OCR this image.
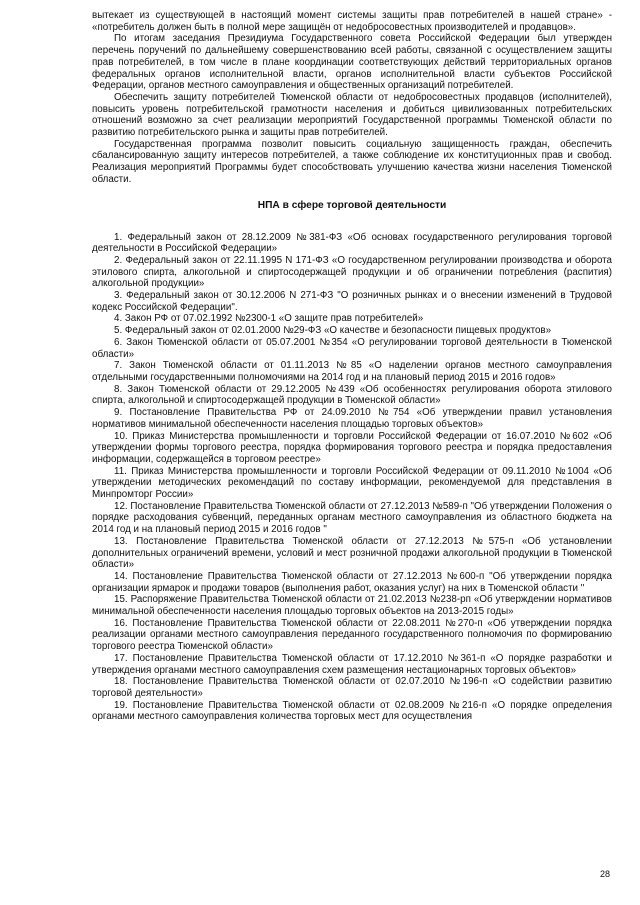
вытекает из существующей в настоящий момент системы защиты прав потребителей в нашей стране» - «потребитель должен быть в полной мере защищён от недобросовестных производителей и продавцов».

По итогам заседания Президиума Государственного совета Российской Федерации был утвержден перечень поручений по дальнейшему совершенствованию всей работы, связанной с осуществлением защиты прав потребителей, в том числе в плане координации соответствующих действий территориальных органов федеральных органов исполнительной власти, органов исполнительной власти субъектов Российской Федерации, органов местного самоуправления и общественных организаций потребителей.

Обеспечить защиту потребителей Тюменской области от недобросовестных продавцов (исполнителей), повысить уровень потребительской грамотности населения и добиться цивилизованных потребительских отношений возможно за счет реализации мероприятий Государственной программы Тюменской области по развитию потребительского рынка и защиты прав потребителей.

Государственная программа позволит повысить социальную защищенность граждан, обеспечить сбалансированную защиту интересов потребителей, а также соблюдение их конституционных прав и свобод. Реализация мероприятий Программы будет способствовать улучшению качества жизни населения Тюменской области.

НПА в сфере торговой деятельности

1. Федеральный закон от 28.12.2009 №381-ФЗ «Об основах государственного регулирования торговой деятельности в Российской Федерации»

2. Федеральный закон от 22.11.1995 N 171-ФЗ «О государственном регулировании производства и оборота этилового спирта, алкогольной и спиртосодержащей продукции и об ограничении потребления (распития) алкогольной продукции»

3. Федеральный закон от 30.12.2006 N 271-ФЗ "О розничных рынках и о внесении изменений в Трудовой кодекс Российской Федерации".

4. Закон РФ от 07.02.1992 №2300-1 «О защите прав потребителей»

5. Федеральный закон от 02.01.2000 №29-ФЗ «О качестве и безопасности пищевых продуктов»

6. Закон Тюменской области от 05.07.2001 №354 «О регулировании торговой деятельности в Тюменской области»

7. Закон Тюменской области от 01.11.2013 №85 «О наделении органов местного самоуправления отдельными государственными полномочиями на 2014 год и на плановый период 2015 и 2016 годов»

8. Закон Тюменской области от 29.12.2005 №439 «Об особенностях регулирования оборота этилового спирта, алкогольной и спиртосодержащей продукции в Тюменской области»

9. Постановление Правительства РФ от 24.09.2010 №754 «Об утверждении правил установления нормативов минимальной обеспеченности населения площадью торговых объектов»

10. Приказ Министерства промышленности и торговли Российской Федерации от 16.07.2010 №602 «Об утверждении формы торгового реестра, порядка формирования торгового реестра и порядка предоставления информации, содержащейся в торговом реестре»

11. Приказ Министерства промышленности и торговли Российской Федерации от 09.11.2010 №1004 «Об утверждении методических рекомендаций по составу информации, рекомендуемой для представления в Минпромторг России»

12. Постановление Правительства Тюменской области от 27.12.2013 №589-п "Об утверждении Положения о порядке расходования субвенций, переданных органам местного самоуправления из областного бюджета на 2014 год и на плановый период 2015 и 2016 годов "

13. Постановление Правительства Тюменской области от 27.12.2013 №575-п «Об установлении дополнительных ограничений времени, условий и мест розничной продажи алкогольной продукции в Тюменской области»

14. Постановление Правительства Тюменской области от 27.12.2013 №600-п "Об утверждении порядка организации ярмарок и продажи товаров (выполнения работ, оказания услуг) на них в Тюменской области "

15. Распоряжение Правительства Тюменской области от 21.02.2013 №238-рп «Об утверждении нормативов минимальной обеспеченности населения площадью торговых объектов на 2013-2015 годы»

16. Постановление Правительства Тюменской области от 22.08.2011 №270-п «Об утверждении порядка реализации органами местного самоуправления переданного государственного полномочия по формированию торгового реестра Тюменской области»

17. Постановление Правительства Тюменской области от 17.12.2010 №361-п «О порядке разработки и утверждения органами местного самоуправления схем размещения нестационарных торговых объектов»

18. Постановление Правительства Тюменской области от 02.07.2010 №196-п «О содействии развитию торговой деятельности»

19. Постановление Правительства Тюменской области от 02.08.2009 №216-п «О порядке определения органами местного самоуправления количества торговых мест для осуществления

28
